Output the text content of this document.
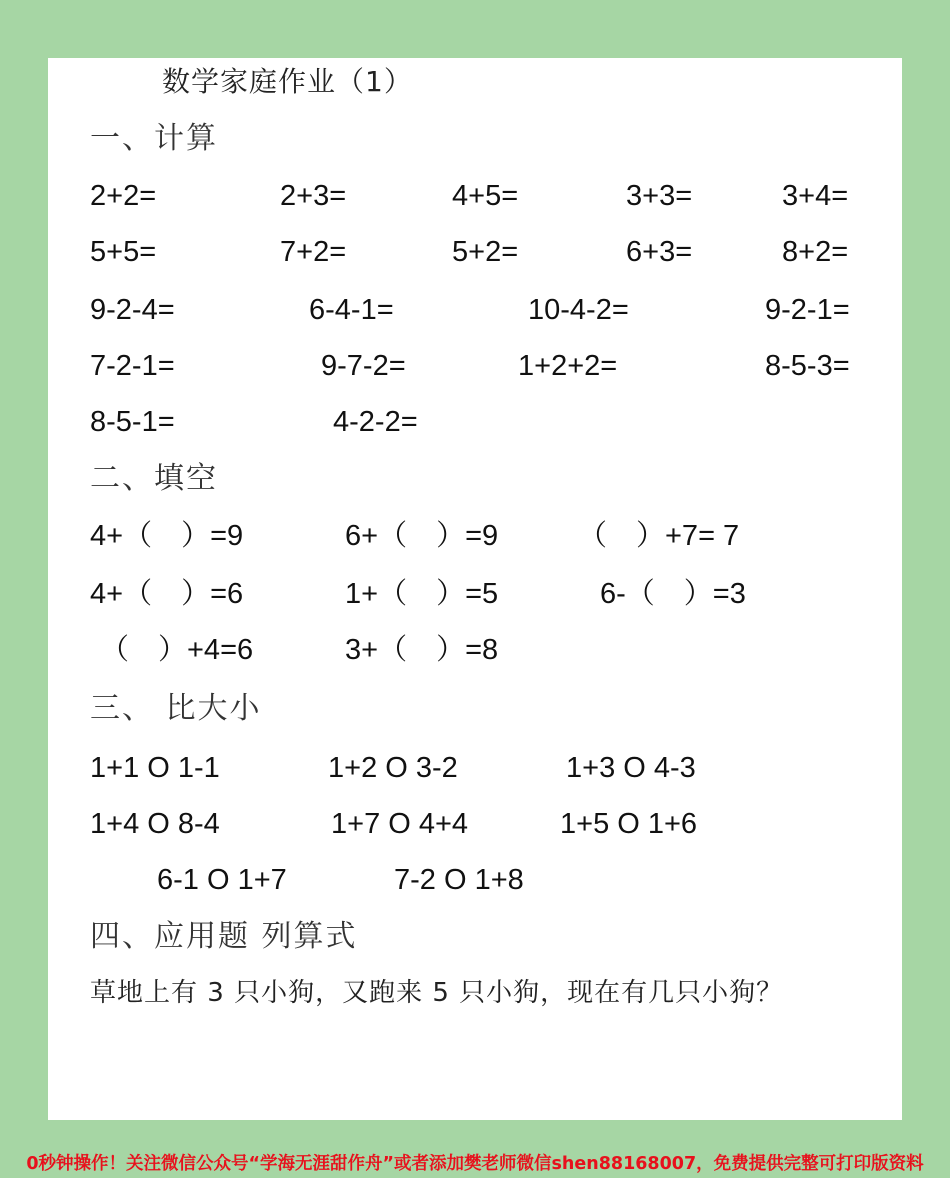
数学家庭作业（1）
一、计算
2+2=	2+3=	4+5=	3+3=	3+4=
5+5=	7+2=	5+2=	6+3=	8+2=
9-2-4=	6-4-1=	10-4-2=	9-2-1=
7-2-1=	9-7-2=	1+2+2=	8-5-3=
8-5-1=	4-2-2=
二、填空
4+（　）=9	6+（　）=9	（　）+7= 7
4+（　）=6	1+（　）=5	6-（　）=3
（　）+4=6	3+（　）=8
三、 比大小
1+1 O 1-1	1+2 O 3-2	1+3 O 4-3
1+4 O 8-4	1+7 O 4+4	1+5 O 1+6
6-1 O 1+7	7-2 O 1+8
四、应用题 列算式
草地上有 3 只小狗，又跑来 5 只小狗，现在有几只小狗？
0秒钟操作！关注微信公众号“学海无涯甜作舟”或者添加樊老师微信shen88168007，免费提供完整可打印版资料
